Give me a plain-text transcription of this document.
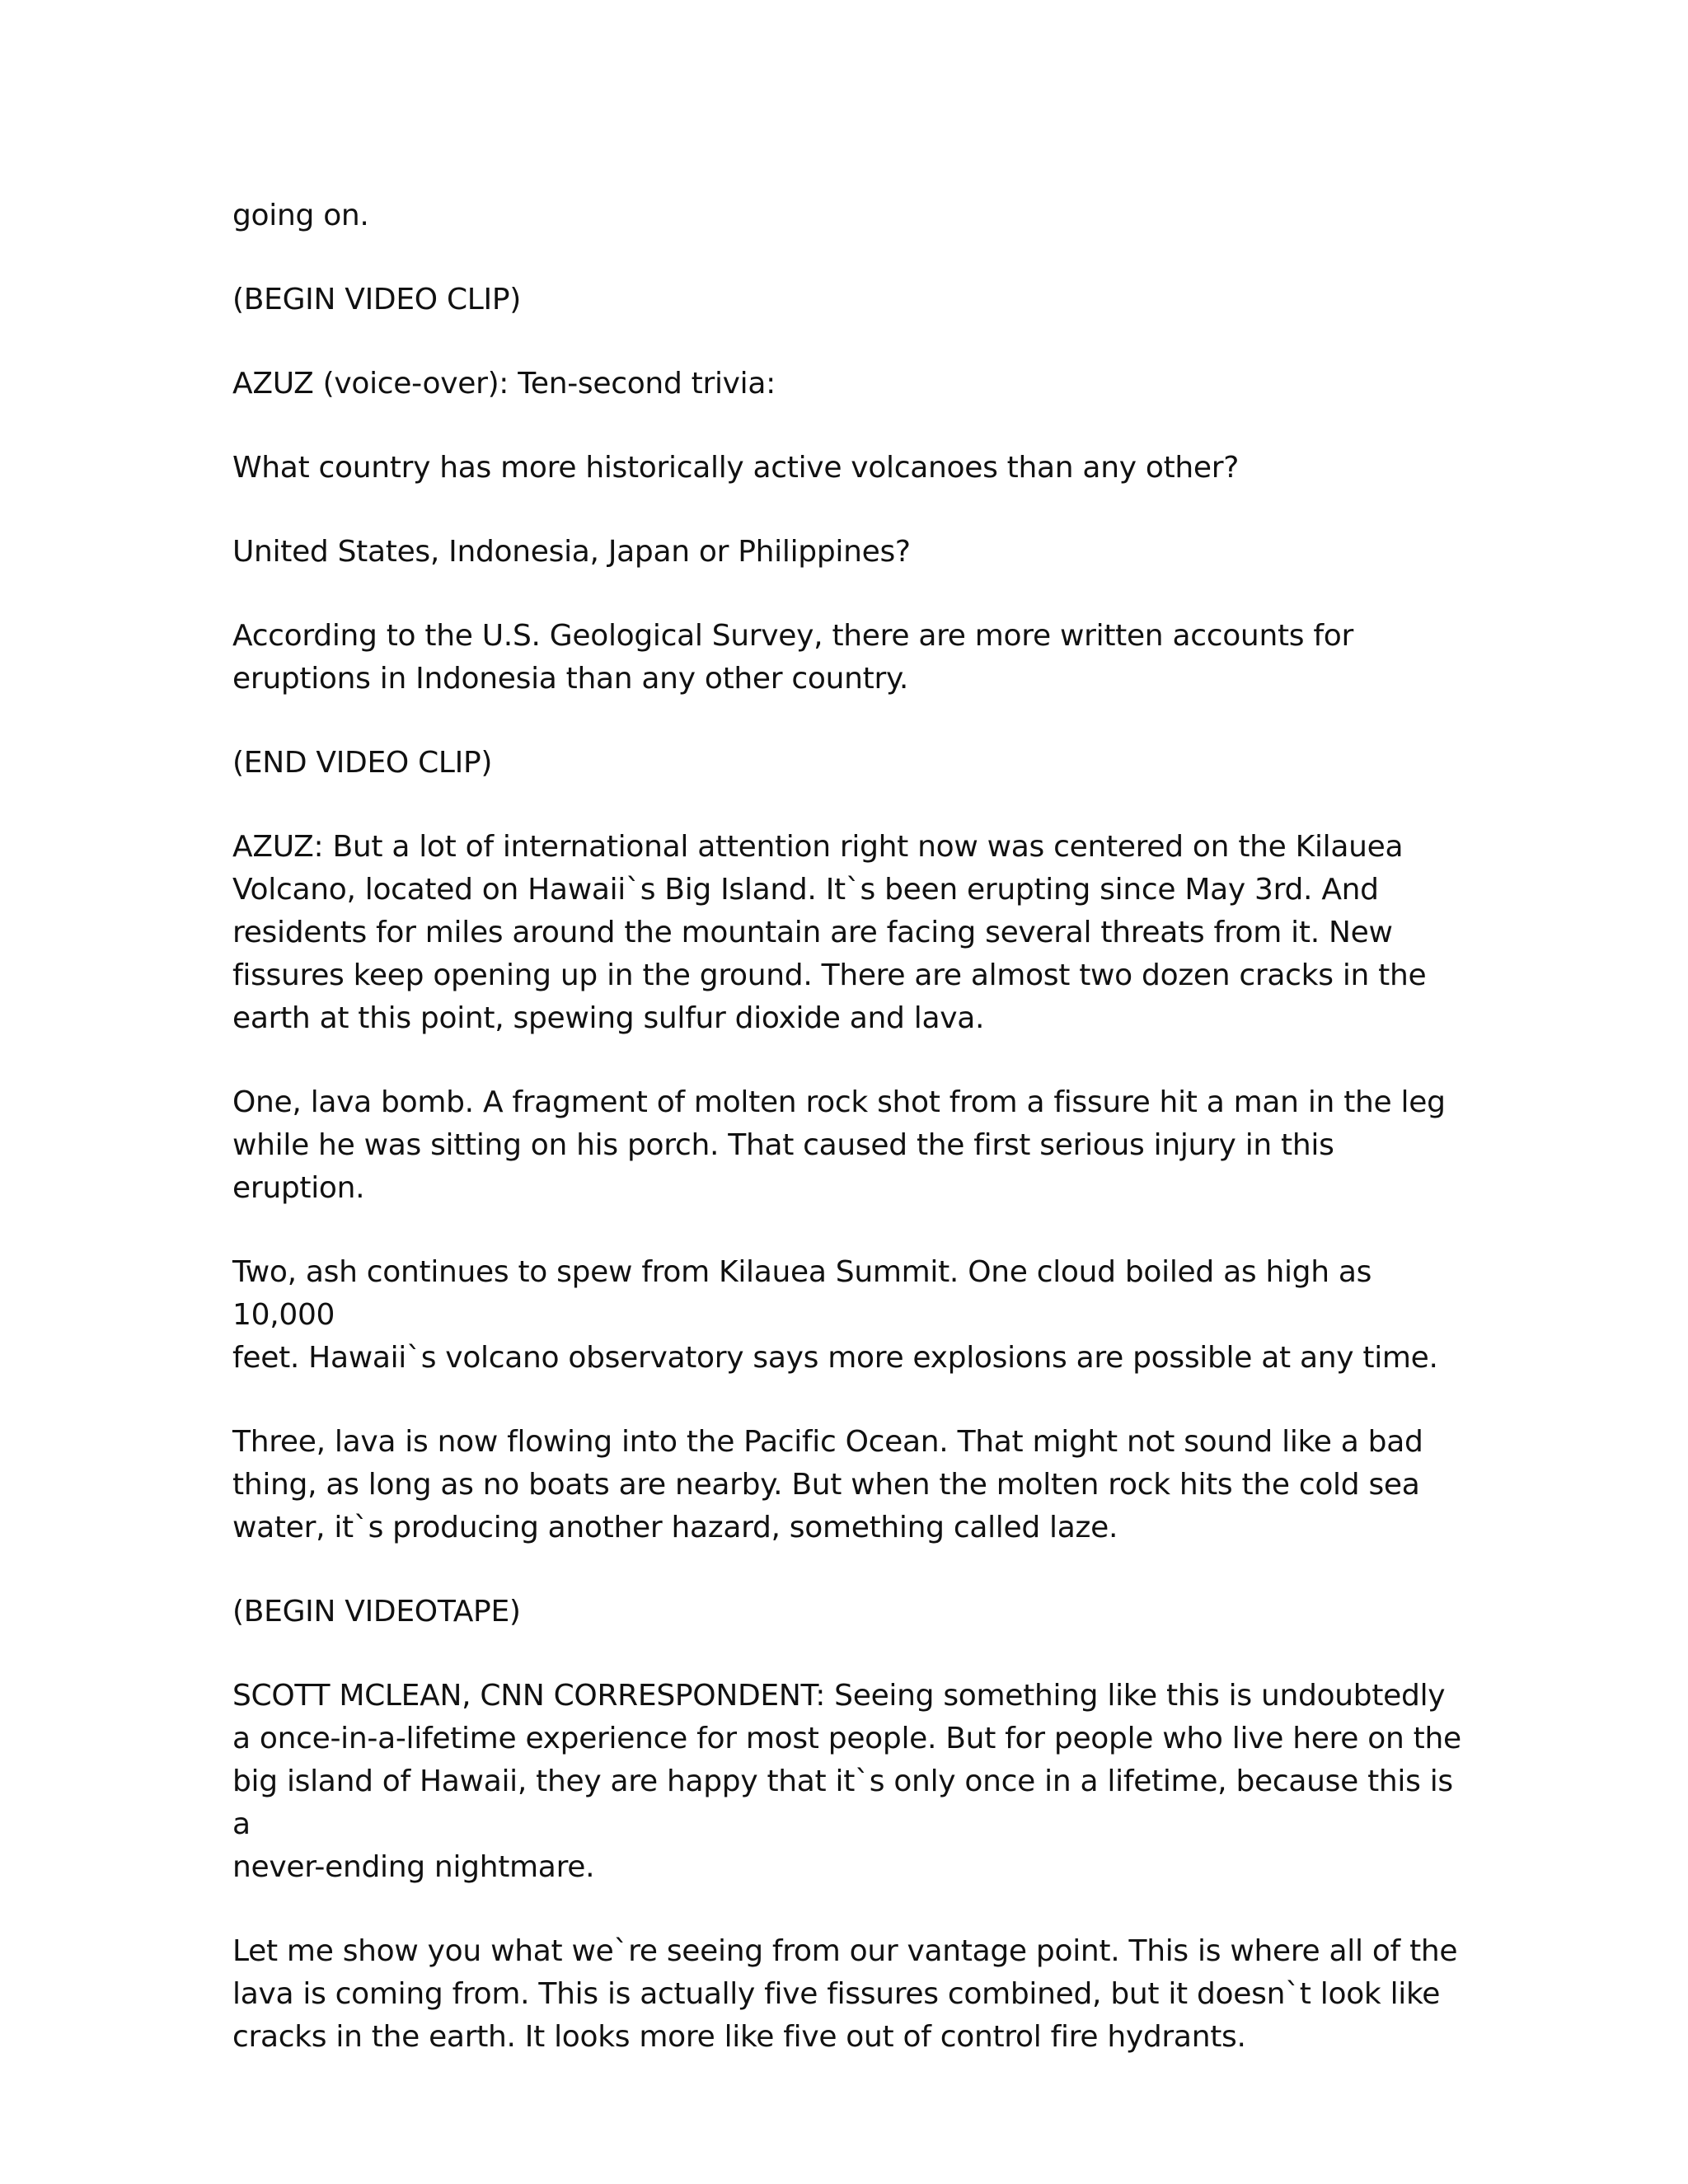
going on.

(BEGIN VIDEO CLIP)

AZUZ (voice-over): Ten-second trivia:

What country has more historically active volcanoes than any other?

United States, Indonesia, Japan or Philippines?

According to the U.S. Geological Survey, there are more written accounts for
eruptions in Indonesia than any other country.

(END VIDEO CLIP)

AZUZ: But a lot of international attention right now was centered on the Kilauea
Volcano, located on Hawaii`s Big Island. It`s been erupting since May 3rd. And
residents for miles around the mountain are facing several threats from it. New
fissures keep opening up in the ground. There are almost two dozen cracks in the
earth at this point, spewing sulfur dioxide and lava.

One, lava bomb. A fragment of molten rock shot from a fissure hit a man in the leg
while he was sitting on his porch. That caused the first serious injury in this eruption.

Two, ash continues to spew from Kilauea Summit. One cloud boiled as high as 10,000
feet. Hawaii`s volcano observatory says more explosions are possible at any time.

Three, lava is now flowing into the Pacific Ocean. That might not sound like a bad
thing, as long as no boats are nearby. But when the molten rock hits the cold sea
water, it`s producing another hazard, something called laze.

(BEGIN VIDEOTAPE)

SCOTT MCLEAN, CNN CORRESPONDENT: Seeing something like this is undoubtedly
a once-in-a-lifetime experience for most people. But for people who live here on the
big island of Hawaii, they are happy that it`s only once in a lifetime, because this is a
never-ending nightmare.

Let me show you what we`re seeing from our vantage point. This is where all of the
lava is coming from. This is actually five fissures combined, but it doesn`t look like
cracks in the earth. It looks more like five out of control fire hydrants.
